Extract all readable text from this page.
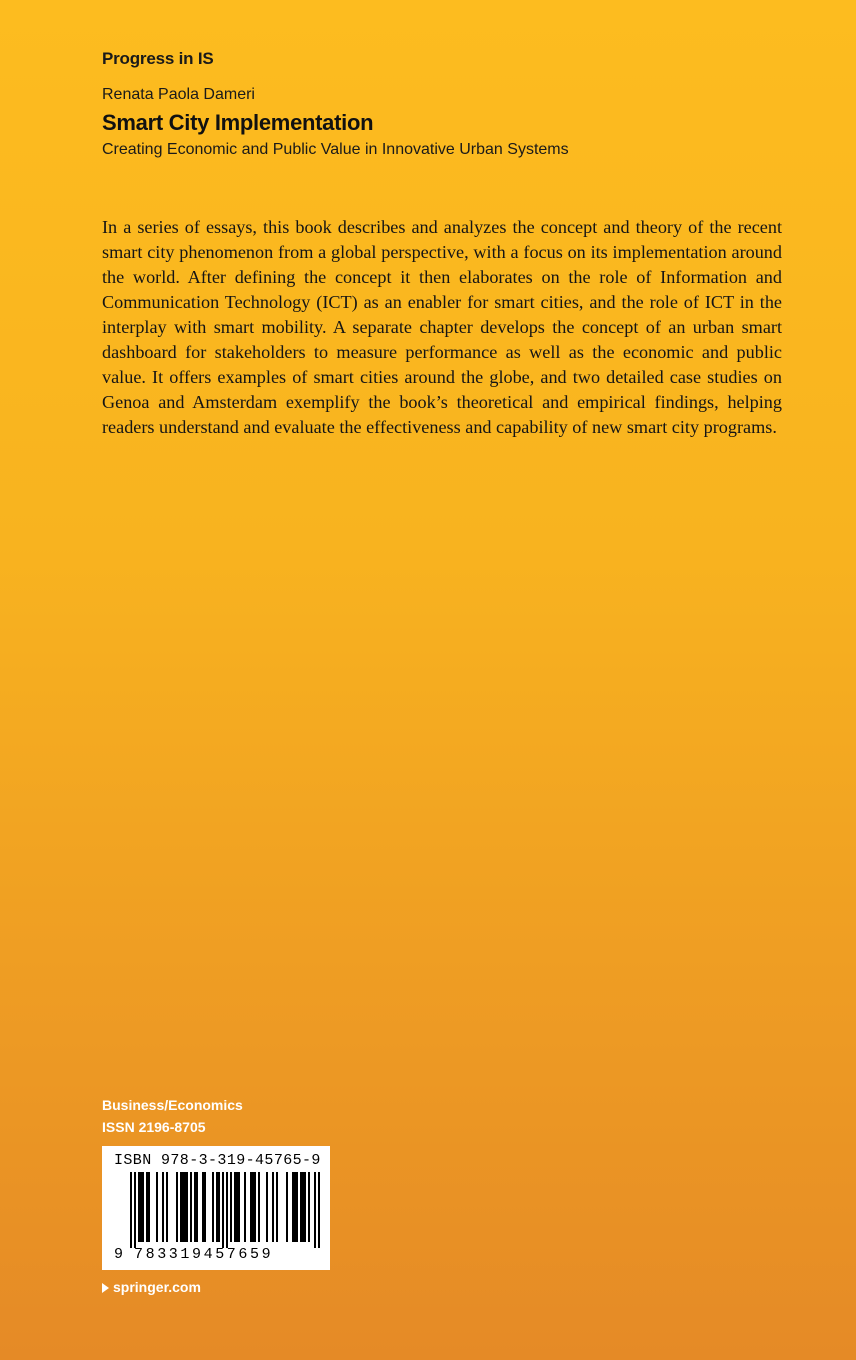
Progress in IS
Renata Paola Dameri
Smart City Implementation
Creating Economic and Public Value in Innovative Urban Systems
In a series of essays, this book describes and analyzes the concept and theory of the recent smart city phenomenon from a global perspective, with a focus on its implementation around the world. After defining the concept it then elaborates on the role of Information and Communication Technology (ICT) as an enabler for smart cities, and the role of ICT in the interplay with smart mobility. A separate chapter develops the concept of an urban smart dashboard for stakeholders to measure performance as well as the economic and public value. It offers examples of smart cities around the globe, and two detailed case studies on Genoa and Amsterdam exemplify the book’s theoretical and empirical findings, helping readers understand and evaluate the effectiveness and capability of new smart city programs.
Business/Economics
ISSN 2196-8705
ISBN 978-3-319-45765-9
9 783319457659
springer.com
